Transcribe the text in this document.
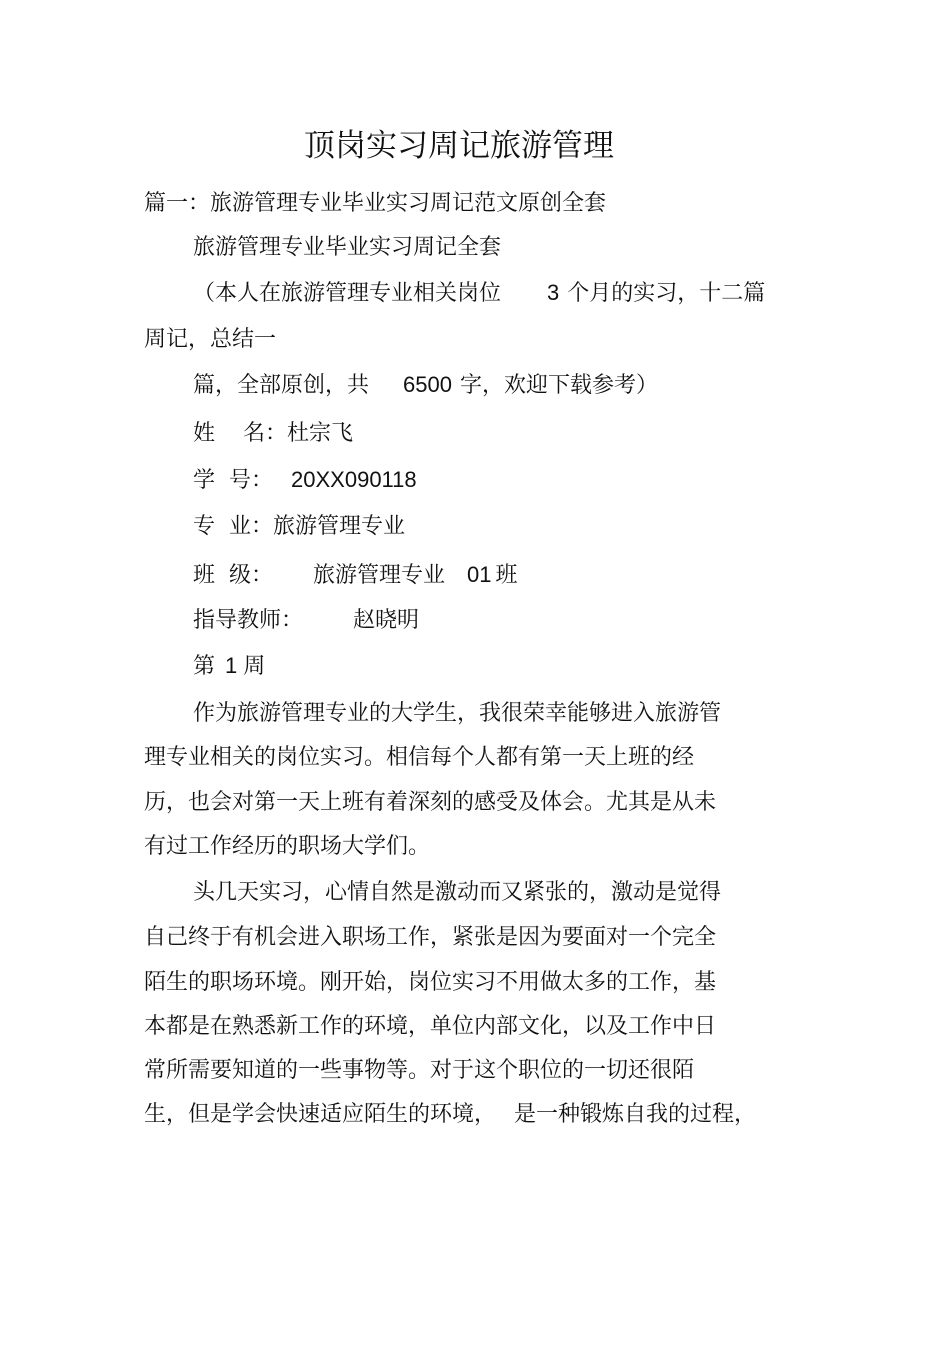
顶岗实习周记旅游管理
篇一：旅游管理专业毕业实习周记范文原创全套
旅游管理专业毕业实习周记全套
（本人在旅游管理专业相关岗位 3 个月的实习，十二篇
周记，总结一
篇，全部原创，共 6500 字，欢迎下载参考）
姓 名：杜宗飞
学 号： 20XX090118
专 业：旅游管理专业
班 级： 旅游管理专业 01 班
指导教师： 赵晓明
第 1 周
作为旅游管理专业的大学生，我很荣幸能够进入旅游管
理专业相关的岗位实习。相信每个人都有第一天上班的经
历，也会对第一天上班有着深刻的感受及体会。尤其是从未
有过工作经历的职场大学们。
头几天实习，心情自然是激动而又紧张的，激动是觉得
自己终于有机会进入职场工作，紧张是因为要面对一个完全
陌生的职场环境。刚开始，岗位实习不用做太多的工作，基
本都是在熟悉新工作的环境，单位内部文化，以及工作中日
常所需要知道的一些事物等。对于这个职位的一切还很陌
生，但是学会快速适应陌生的环境， 是一种锻炼自我的过程，
